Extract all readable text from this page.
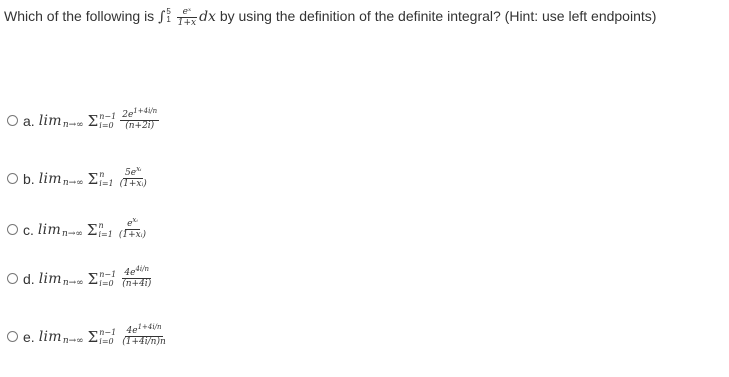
Which of the following is ∫ 5
1
$\frac{\text{eˣ}}{1+x}$ dx by using the definition of the definite integral? (Hint: use left endpoints)
a. lim n→∞ Σ n−1
$i=0 \frac{2e^{1+4i/n}}{(n+2i)}$
b. lim n→∞ Σ n
$i=1 \frac{5e^{xᵢ}}{\text{(1+xᵢ)}}$
c. lim n→∞ Σ n
$i=1 \frac{e^{xᵢ}}{\text{(1+xᵢ)}}$
d. lim n→∞ Σ n−1
$i=0 \frac{4e^{4i/n}}{(n+4i)}$
e. lim n→∞ Σ n−1
$i=0 \frac{4e^{1+4i/n}}{(1+4i/n)n}$
